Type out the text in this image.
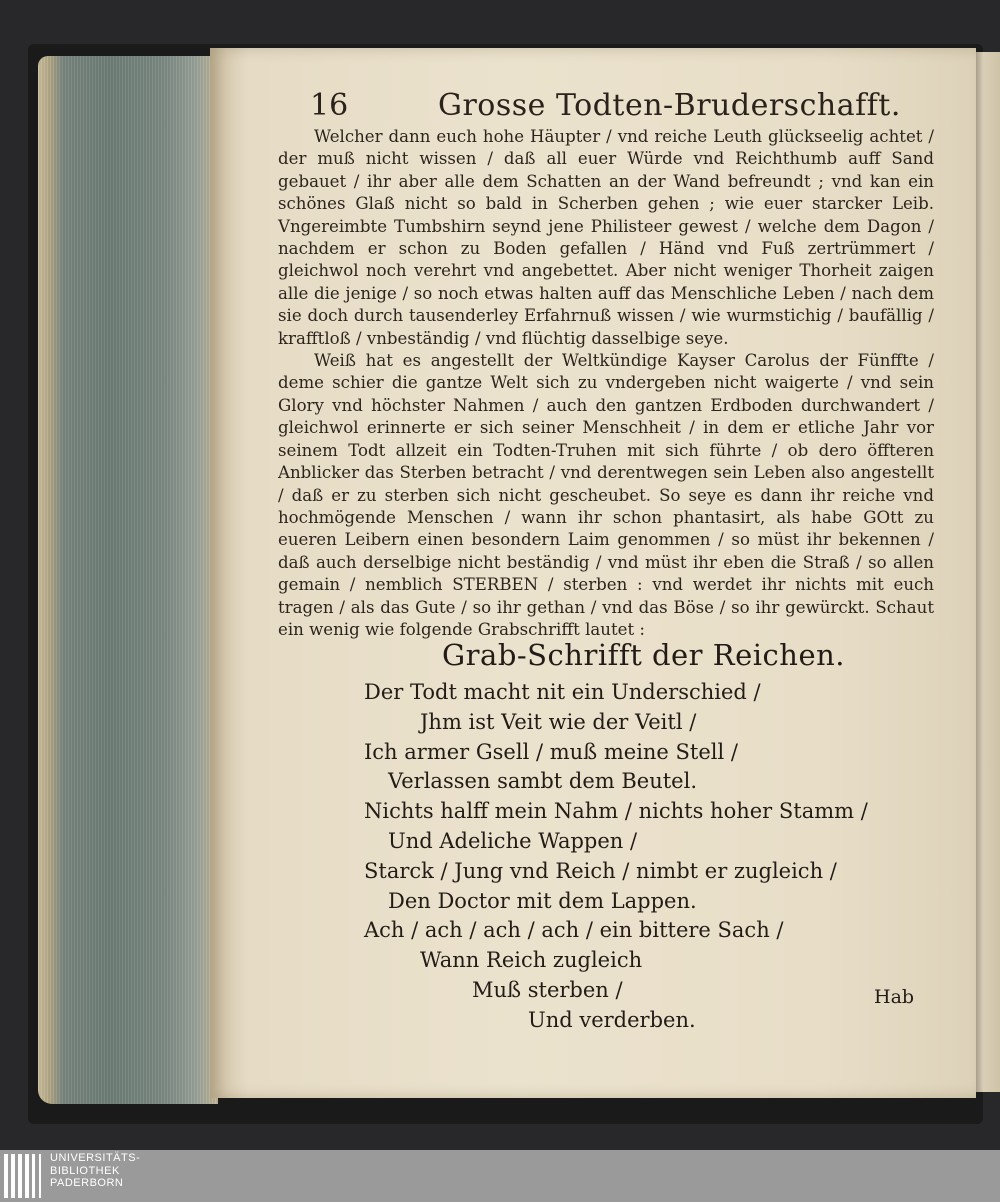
16	Grosse Todten-Bruderschafft.

Welcher dann euch hohe Häupter / vnd reiche Leuth glückseelig achtet / der muß nicht wissen / daß all euer Würde vnd Reichthumb auff Sand gebauet / ihr aber alle dem Schatten an der Wand befreundt ; vnd kan ein schönes Glaß nicht so bald in Scherben gehen ; wie euer starcker Leib. Vngereimbte Tumbshirn seynd jene Philisteer gewest / welche dem Dagon / nachdem er schon zu Boden gefallen / Händ vnd Fuß zertrümmert / gleichwol noch verehrt vnd angebettet. Aber nicht weniger Thorheit zaigen alle die jenige / so noch etwas halten auff das Menschliche Leben / nach dem sie doch durch tausenderley Erfahrnuß wissen / wie wurmstichig / baufällig / krafftloß / vnbeständig / vnd flüchtig dasselbige seye.

Weiß hat es angestellt der Weltkündige Kayser Carolus der Fünffte / deme schier die gantze Welt sich zu vndergeben nicht waigerte / vnd sein Glory vnd höchster Nahmen / auch den gantzen Erdboden durchwandert / gleichwol erinnerte er sich seiner Menschheit / in dem er etliche Jahr vor seinem Todt allzeit ein Todten-Truhen mit sich führte / ob dero öffteren Anblicker das Sterben betracht / vnd derentwegen sein Leben also angestellt / daß er zu sterben sich nicht gescheubet. So seye es dann ihr reiche vnd hochmögende Menschen / wann ihr schon phantasirt, als habe GOtt zu eueren Leibern einen besondern Laim genommen / so müst ihr bekennen / daß auch derselbige nicht beständig / vnd müst ihr eben die Straß / so allen gemain / nemblich STERBEN / sterben : vnd werdet ihr nichts mit euch tragen / als das Gute / so ihr gethan / vnd das Böse / so ihr gewürckt. Schaut ein wenig wie folgende Grabschrifft lautet :

Grab-Schrifft der Reichen.
Der Todt macht nit ein Underschied /
Jhm ist Veit wie der Veitl /
Ich armer Gsell / muß meine Stell /
Verlassen sambt dem Beutel.
Nichts halff mein Nahm / nichts hoher Stamm /
Und Adeliche Wappen /
Starck / Jung vnd Reich / nimbt er zugleich /
Den Doctor mit dem Lappen.
Ach / ach / ach / ach / ein bittere Sach /
Wann Reich zugleich
Muß sterben /
Und verderben.
Hab
UNIVERSITÄTS-
BIBLIOTHEK
PADERBORN
